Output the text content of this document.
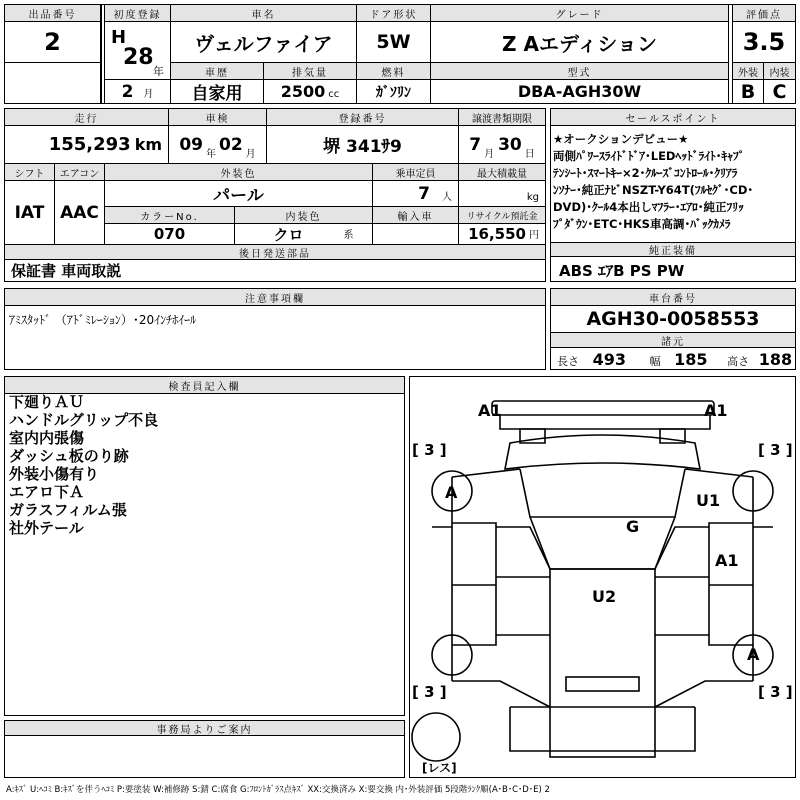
出品番号
2
初度登録
H
28
年
2 月
車名
ヴェルファイア
車歴
自家用
排気量
2500 cc
ドア形状
5W
燃料
ｶﾞｿﾘﾝ
グレード
Z Aエディション
型式
DBA-AGH30W
評価点
3.5
外装	内装
B C
走行
155,293 km
車検
09 年 02 月
登録番号
堺 341ｻ9
譲渡書類期限
7 月 30 日
シフト
IAT
エアコン
AAC
外装色
パール
乗車定員
7 人
最大積載量
kg
カラーNo.
070
内装色
クロ	系
輸入車	リサイクル預託金
16,550 円
後日発送部品
保証書 車両取説
セールスポイント
★オークションデビュー★
両側ﾊﾟﾜｰｽﾗｲﾄﾞﾄﾞｱ･LEDﾍｯﾄﾞﾗｲﾄ･ｷｬﾌﾟ
ﾃﾝｼｰﾄ･ｽﾏｰﾄｷｰ×2･ｸﾙｰｽﾞｺﾝﾄﾛｰﾙ･ｸﾘｱﾗ
ﾝｿﾅｰ･純正ﾅﾋﾞNSZT-Y64T(ﾌﾙｾｸﾞ･CD･
DVD)･ｸｰﾙ4本出しﾏﾌﾗｰ･ｴｱﾛ･純正ﾌﾘｯ
ﾌﾟﾀﾞｳﾝ･ETC･HKS車高調･ﾊﾞｯｸｶﾒﾗ
純正装備
ABS ｴｱB PS PW
注意事項欄
ｱﾐｽﾀｯﾄﾞ （ｱﾄﾞﾐﾚｰｼｮﾝ）･20ｲﾝﾁﾎｲｰﾙ
車台番号
AGH30-0058553
諸元
長さ 493 幅 185 高さ 188
検査員記入欄
下廻りＡＵ
ハンドルグリップ不良
室内内張傷
ダッシュ板のり跡
外装小傷有り
エアロ下Ａ
ガラスフィルム張
社外テール
事務局よりご案内
A1	A1
[ 3 ]	[ 3 ]
[ 3 ]	[ 3 ]
A	U1
G
A1
U2
A
[レス]
A:ｷｽﾞ U:ﾍｺﾐ B:ｷｽﾞを伴うﾍｺﾐ P:要塗装 W:補修跡 S:錆 C:腐食 G:ﾌﾛﾝﾄｶﾞﾗｽ点ｷｽﾞ XX:交換済み X:要交換 内･外装評価 5段階ﾗﾝｸ順(A･B･C･D･E) 2
